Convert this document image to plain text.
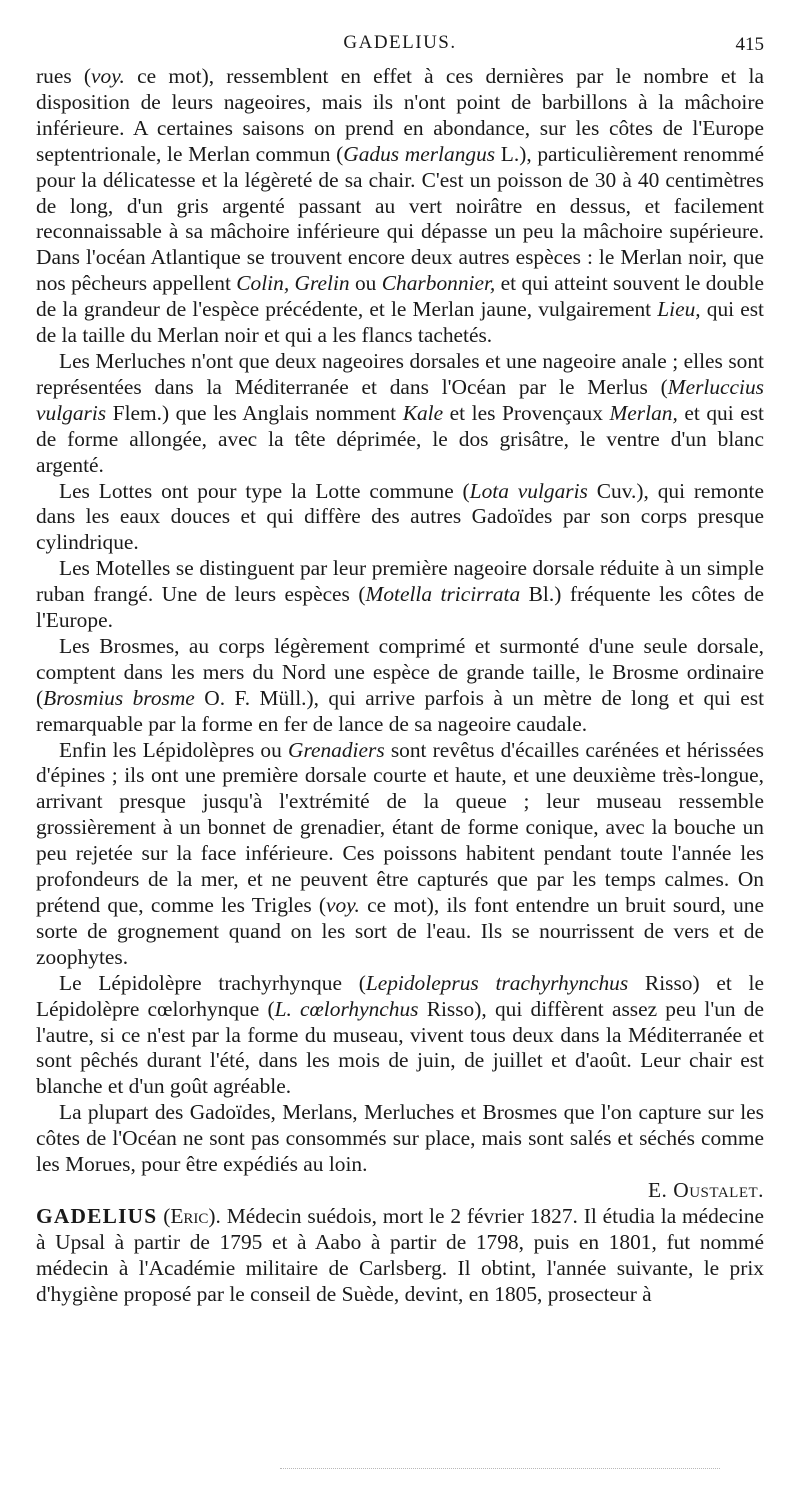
GADELIUS.	415

rues (voy. ce mot), ressemblent en effet à ces dernières par le nombre et la disposition de leurs nageoires, mais ils n'ont point de barbillons à la mâchoire inférieure. A certaines saisons on prend en abondance, sur les côtes de l'Europe septentrionale, le Merlan commun (Gadus merlangus L.), particulièrement renommé pour la délicatesse et la légèreté de sa chair. C'est un poisson de 30 à 40 centimètres de long, d'un gris argenté passant au vert noirâtre en dessus, et facilement reconnaissable à sa mâchoire inférieure qui dépasse un peu la mâchoire supérieure. Dans l'océan Atlantique se trouvent encore deux autres espèces : le Merlan noir, que nos pêcheurs appellent Colin, Grelin ou Charbonnier, et qui atteint souvent le double de la grandeur de l'espèce précédente, et le Merlan jaune, vulgairement Lieu, qui est de la taille du Merlan noir et qui a les flancs tachetés.

Les Merluches n'ont que deux nageoires dorsales et une nageoire anale ; elles sont représentées dans la Méditerranée et dans l'Océan par le Merlus (Merluccius vulgaris Flem.) que les Anglais nomment Kale et les Provençaux Merlan, et qui est de forme allongée, avec la tête déprimée, le dos grisâtre, le ventre d'un blanc argenté.

Les Lottes ont pour type la Lotte commune (Lota vulgaris Cuv.), qui remonte dans les eaux douces et qui diffère des autres Gadoïdes par son corps presque cylindrique.

Les Motelles se distinguent par leur première nageoire dorsale réduite à un simple ruban frangé. Une de leurs espèces (Motella tricirrata Bl.) fréquente les côtes de l'Europe.

Les Brosmes, au corps légèrement comprimé et surmonté d'une seule dorsale, comptent dans les mers du Nord une espèce de grande taille, le Brosme ordinaire (Brosmius brosme O. F. Müll.), qui arrive parfois à un mètre de long et qui est remarquable par la forme en fer de lance de sa nageoire caudale.

Enfin les Lépidolèpres ou Grenadiers sont revêtus d'écailles carénées et hérissées d'épines ; ils ont une première dorsale courte et haute, et une deuxième très-longue, arrivant presque jusqu'à l'extrémité de la queue ; leur museau ressemble grossièrement à un bonnet de grenadier, étant de forme conique, avec la bouche un peu rejetée sur la face inférieure. Ces poissons habitent pendant toute l'année les profondeurs de la mer, et ne peuvent être capturés que par les temps calmes. On prétend que, comme les Trigles (voy. ce mot), ils font entendre un bruit sourd, une sorte de grognement quand on les sort de l'eau. Ils se nourrissent de vers et de zoophytes.

Le Lépidolèpre trachyrhynque (Lepidoleprus trachyrhynchus Risso) et le Lépidolèpre cœlorhynque (L. cœlorhynchus Risso), qui diffèrent assez peu l'un de l'autre, si ce n'est par la forme du museau, vivent tous deux dans la Méditerranée et sont pêchés durant l'été, dans les mois de juin, de juillet et d'août. Leur chair est blanche et d'un goût agréable.

La plupart des Gadoïdes, Merlans, Merluches et Brosmes que l'on capture sur les côtes de l'Océan ne sont pas consommés sur place, mais sont salés et séchés comme les Morues, pour être expédiés au loin.

E. Oustalet.

GADELIUS (Eric). Médecin suédois, mort le 2 février 1827. Il étudia la médecine à Upsal à partir de 1795 et à Aabo à partir de 1798, puis en 1801, fut nommé médecin à l'Académie militaire de Carlsberg. Il obtint, l'année suivante, le prix d'hygiène proposé par le conseil de Suède, devint, en 1805, prosecteur à
